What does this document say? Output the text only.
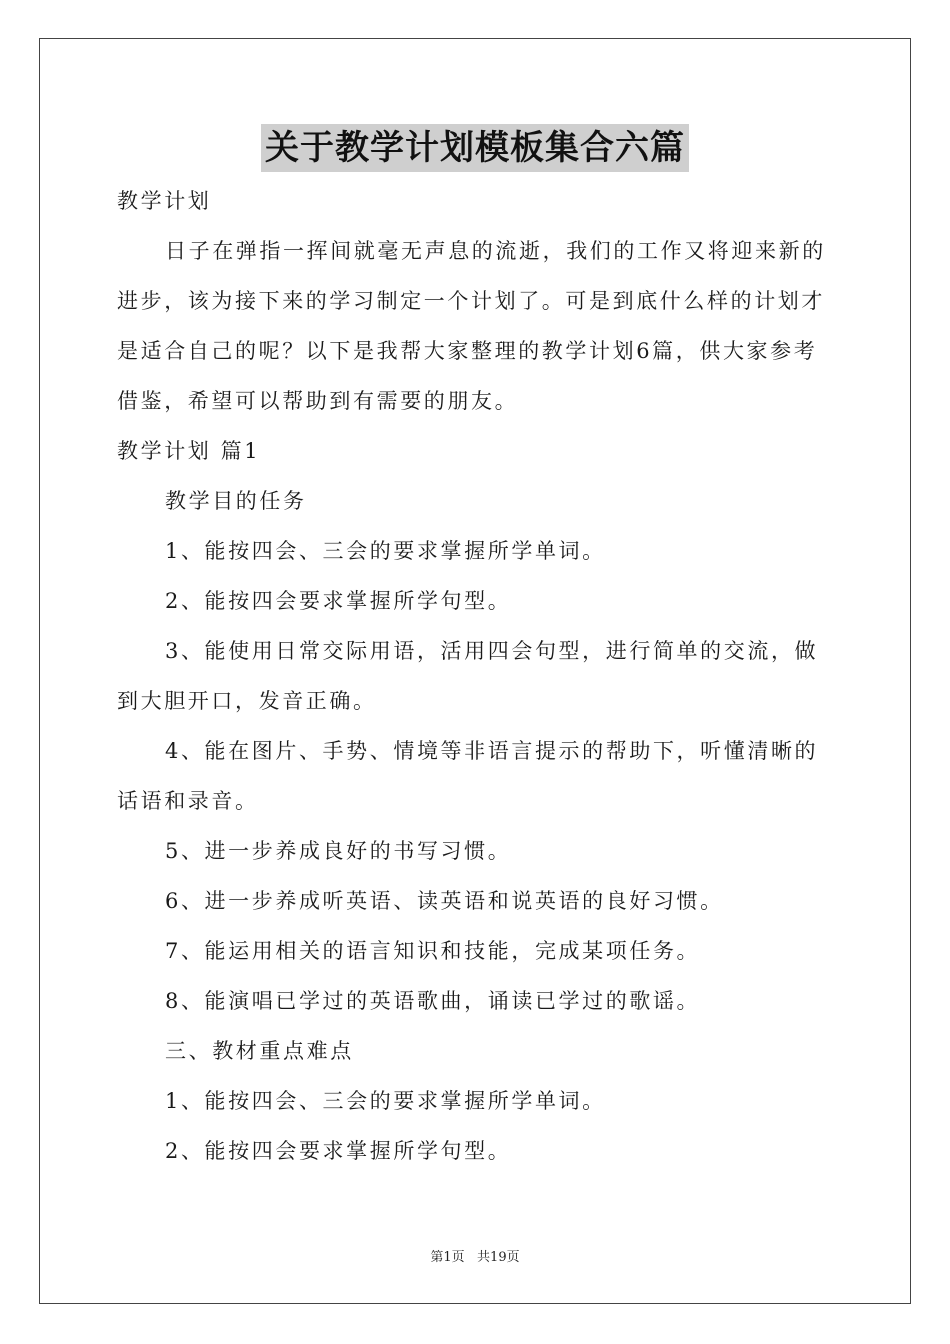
关于教学计划模板集合六篇

教学计划

日子在弹指一挥间就毫无声息的流逝，我们的工作又将迎来新的进步，该为接下来的学习制定一个计划了。可是到底什么样的计划才是适合自己的呢？以下是我帮大家整理的教学计划6篇，供大家参考借鉴，希望可以帮助到有需要的朋友。

教学计划 篇1

教学目的任务

1、能按四会、三会的要求掌握所学单词。

2、能按四会要求掌握所学句型。

3、能使用日常交际用语，活用四会句型，进行简单的交流，做到大胆开口，发音正确。

4、能在图片、手势、情境等非语言提示的帮助下，听懂清晰的话语和录音。

5、进一步养成良好的书写习惯。

6、进一步养成听英语、读英语和说英语的良好习惯。

7、能运用相关的语言知识和技能，完成某项任务。

8、能演唱已学过的英语歌曲，诵读已学过的歌谣。

三、教材重点难点

1、能按四会、三会的要求掌握所学单词。

2、能按四会要求掌握所学句型。

第1页   共19页
